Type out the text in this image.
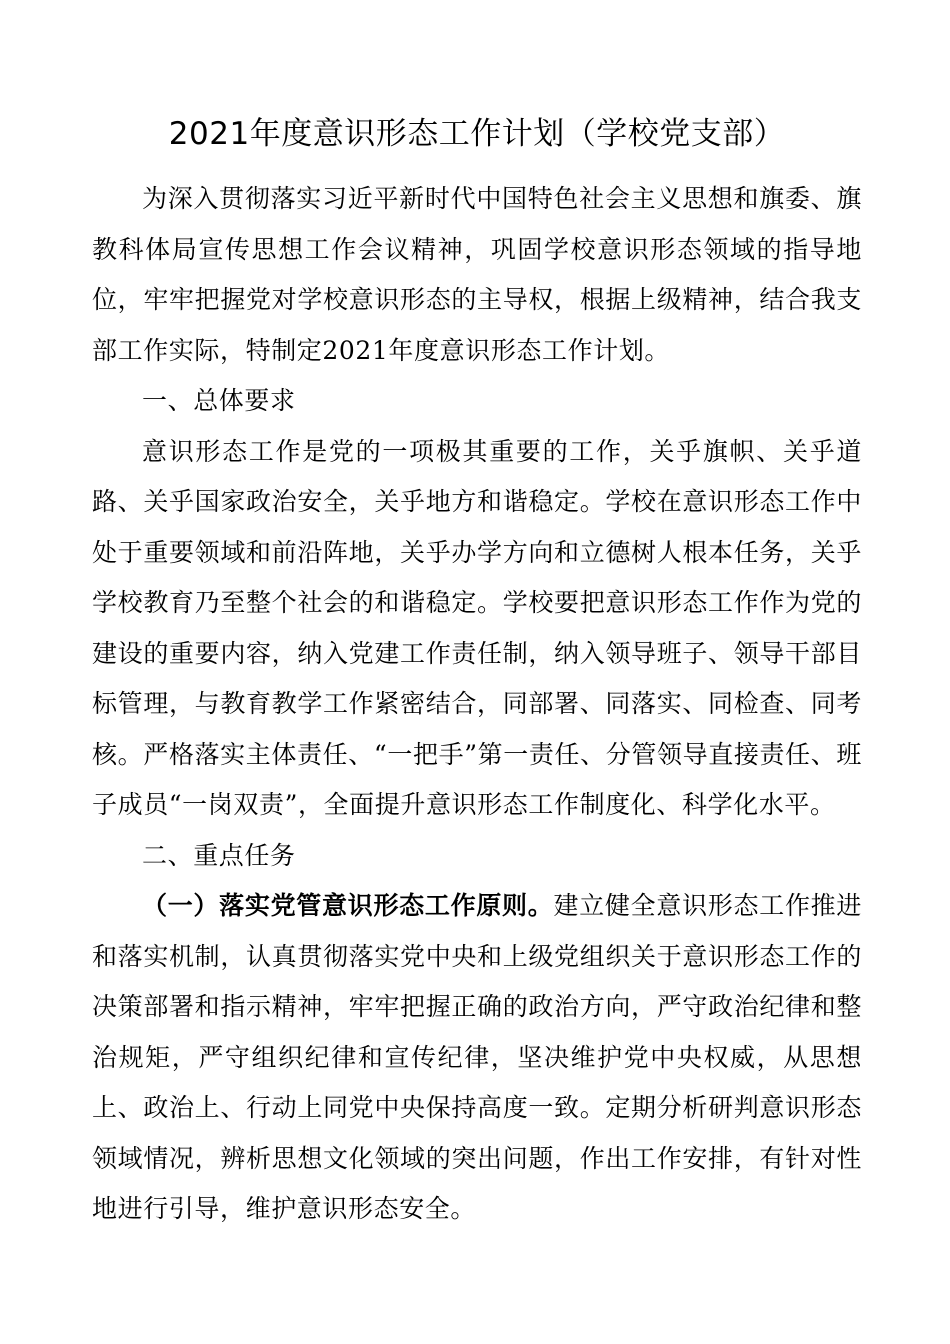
2021年度意识形态工作计划（学校党支部）

为深入贯彻落实习近平新时代中国特色社会主义思想和旗委、旗教科体局宣传思想工作会议精神，巩固学校意识形态领域的指导地位，牢牢把握党对学校意识形态的主导权，根据上级精神，结合我支部工作实际，特制定2021年度意识形态工作计划。

一、总体要求

意识形态工作是党的一项极其重要的工作，关乎旗帜、关乎道路、关乎国家政治安全，关乎地方和谐稳定。学校在意识形态工作中处于重要领域和前沿阵地，关乎办学方向和立德树人根本任务，关乎学校教育乃至整个社会的和谐稳定。学校要把意识形态工作作为党的建设的重要内容，纳入党建工作责任制，纳入领导班子、领导干部目标管理，与教育教学工作紧密结合，同部署、同落实、同检查、同考核。严格落实主体责任、“一把手”第一责任、分管领导直接责任、班子成员“一岗双责”，全面提升意识形态工作制度化、科学化水平。

二、重点任务

（一）落实党管意识形态工作原则。建立健全意识形态工作推进和落实机制，认真贯彻落实党中央和上级党组织关于意识形态工作的决策部署和指示精神，牢牢把握正确的政治方向，严守政治纪律和整治规矩，严守组织纪律和宣传纪律，坚决维护党中央权威，从思想上、政治上、行动上同党中央保持高度一致。定期分析研判意识形态领域情况，辨析思想文化领域的突出问题，作出工作安排，有针对性地进行引导，维护意识形态安全。
